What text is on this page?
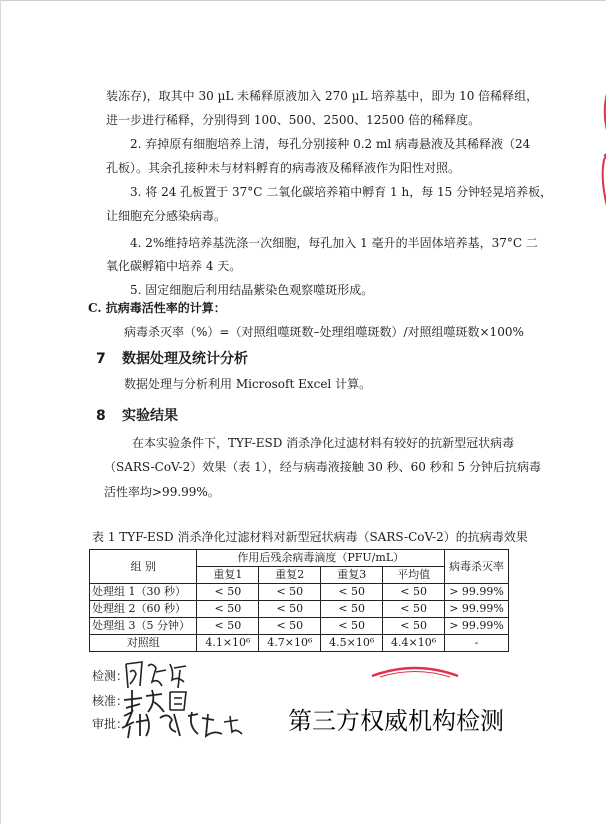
装冻存)，取其中 30 µL 未稀释原液加入 270 µL 培养基中，即为 10 倍稀释组，
进一步进行稀释，分别得到 100、500、2500、12500 倍的稀释度。
2. 弃掉原有细胞培养上清，每孔分别接种 0.2 ml 病毒悬液及其稀释液（24
孔板）。其余孔接种未与材料孵育的病毒液及稀释液作为阳性对照。
3. 将 24 孔板置于 37°C 二氧化碳培养箱中孵育 1 h，每 15 分钟轻晃培养板，
让细胞充分感染病毒。
4. 2%维持培养基洗涤一次细胞，每孔加入 1 毫升的半固体培养基，37°C 二
氧化碳孵箱中培养 4 天。
5. 固定细胞后利用结晶紫染色观察噬斑形成。
C. 抗病毒活性率的计算：
病毒杀灭率（%）=（对照组噬斑数–处理组噬斑数）/对照组噬斑数×100%
7 数据处理及统计分析
数据处理与分析利用 Microsoft Excel 计算。
8 实验结果
在本实验条件下，TYF-ESD 消杀净化过滤材料有较好的抗新型冠状病毒
（SARS-CoV-2）效果（表 1），经与病毒液接触 30 秒、60 秒和 5 分钟后抗病毒
活性率均>99.99%。
表 1 TYF-ESD 消杀净化过滤材料对新型冠状病毒（SARS-CoV-2）的抗病毒效果
组 别	作用后残余病毒滴度（PFU/mL）				病毒杀灭率
	重复1	重复2	重复3	平均值	
处理组 1（30 秒）	< 50	< 50	< 50	< 50	> 99.99%
处理组 2（60 秒）	< 50	< 50	< 50	< 50	> 99.99%
处理组 3（5 分钟）	< 50	< 50	< 50	< 50	> 99.99%
对照组	4.1×10⁶	4.7×10⁶	4.5×10⁶	4.4×10⁶	-
检测：
核准：
审批：	第三方权威机构检测
